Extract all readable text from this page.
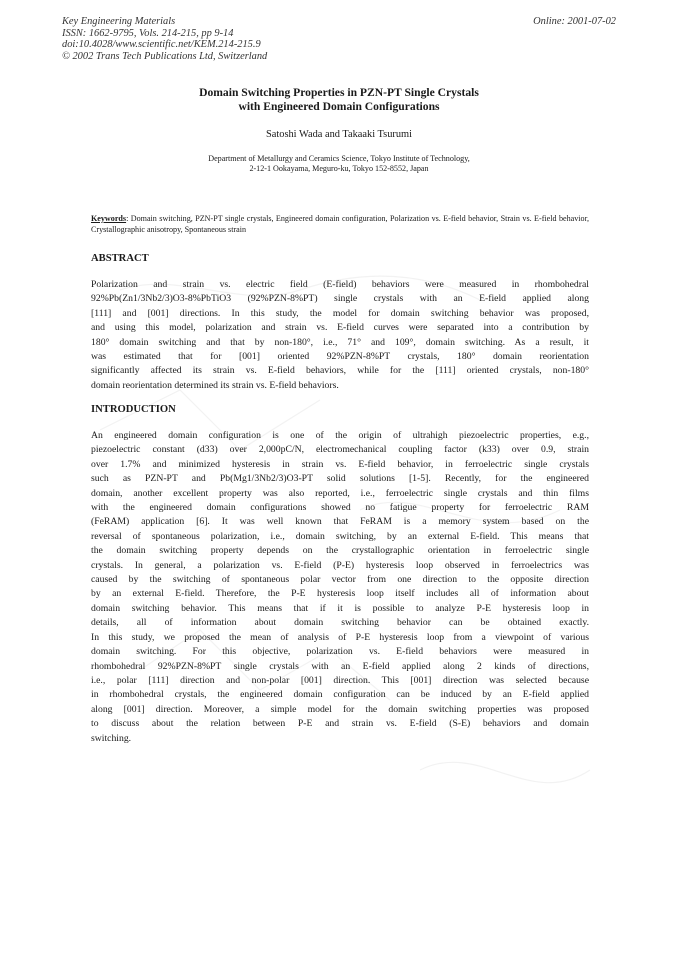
Key Engineering Materials
ISSN: 1662-9795, Vols. 214-215, pp 9-14
doi:10.4028/www.scientific.net/KEM.214-215.9
© 2002 Trans Tech Publications Ltd, Switzerland
Online: 2001-07-02
Domain Switching Properties in PZN-PT Single Crystals
with Engineered Domain Configurations
Satoshi Wada and Takaaki Tsurumi
Department of Metallurgy and Ceramics Science, Tokyo Institute of Technology,
2-12-1 Ookayama, Meguro-ku, Tokyo 152-8552, Japan
Keywords: Domain switching, PZN-PT single crystals, Engineered domain configuration, Polarization vs. E-field behavior, Strain vs. E-field behavior, Crystallographic anisotropy, Spontaneous strain
ABSTRACT
Polarization and strain vs. electric field (E-field) behaviors were measured in rhombohedral
92%Pb(Zn1/3Nb2/3)O3-8%PbTiO3 (92%PZN-8%PT) single crystals with an E-field applied along
[111] and [001] directions. In this study, the model for domain switching behavior was proposed,
and using this model, polarization and strain vs. E-field curves were separated into a contribution by
180° domain switching and that by non-180°, i.e., 71° and 109°, domain switching. As a result, it
was estimated that for [001] oriented 92%PZN-8%PT crystals, 180° domain reorientation
significantly affected its strain vs. E-field behaviors, while for the [111] oriented crystals, non-180°
domain reorientation determined its strain vs. E-field behaviors.
INTRODUCTION
An engineered domain configuration is one of the origin of ultrahigh piezoelectric properties, e.g.,
piezoelectric constant (d33) over 2,000pC/N, electromechanical coupling factor (k33) over 0.9, strain
over 1.7% and minimized hysteresis in strain vs. E-field behavior, in ferroelectric single crystals
such as PZN-PT and Pb(Mg1/3Nb2/3)O3-PT solid solutions [1-5]. Recently, for the engineered
domain, another excellent property was also reported, i.e., ferroelectric single crystals and thin films
with the engineered domain configurations showed no fatigue property for ferroelectric RAM
(FeRAM) application [6]. It was well known that FeRAM is a memory system based on the
reversal of spontaneous polarization, i.e., domain switching, by an external E-field. This means that
the domain switching property depends on the crystallographic orientation in ferroelectric single
crystals. In general, a polarization vs. E-field (P-E) hysteresis loop observed in ferroelectrics was
caused by the switching of spontaneous polar vector from one direction to the opposite direction
by an external E-field. Therefore, the P-E hysteresis loop itself includes all of information about
domain switching behavior. This means that if it is possible to analyze P-E hysteresis loop in
details, all of information about domain switching behavior can be obtained exactly.
In this study, we proposed the mean of analysis of P-E hysteresis loop from a viewpoint of various
domain switching. For this objective, polarization vs. E-field behaviors were measured in
rhombohedral 92%PZN-8%PT single crystals with an E-field applied along 2 kinds of directions,
i.e., polar [111] direction and non-polar [001] direction. This [001] direction was selected because
in rhombohedral crystals, the engineered domain configuration can be induced by an E-field applied
along [001] direction. Moreover, a simple model for the domain switching properties was proposed
to discuss about the relation between P-E and strain vs. E-field (S-E) behaviors and domain
switching.
